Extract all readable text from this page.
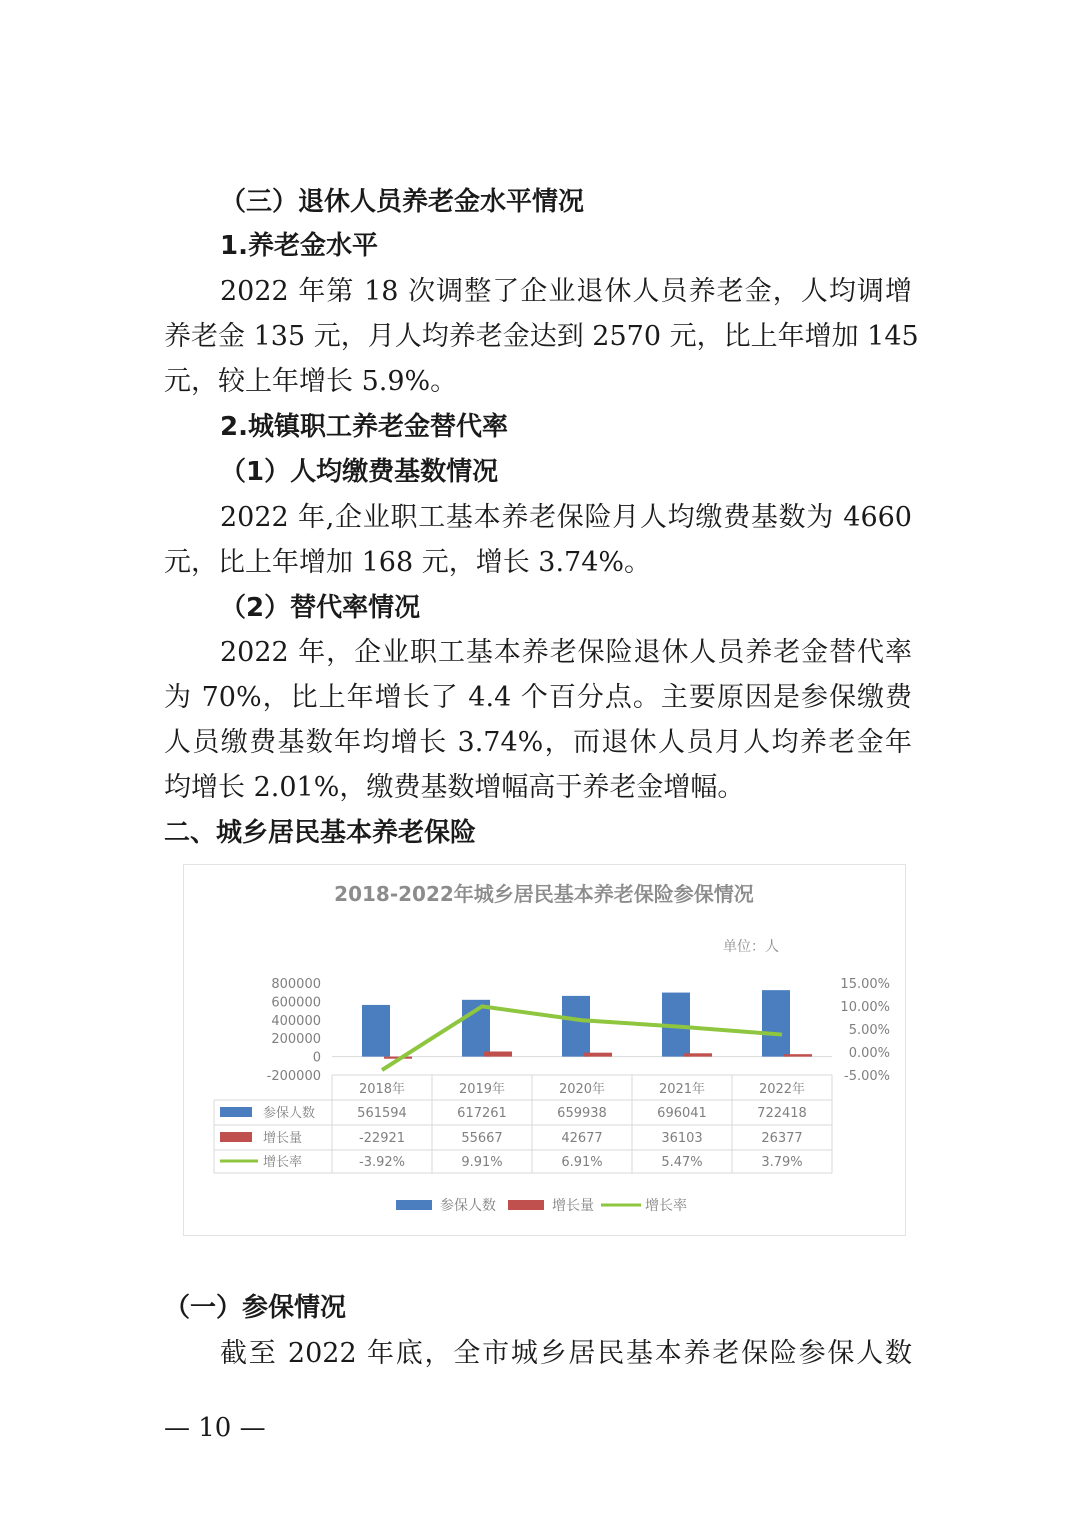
（三）退休人员养老金水平情况
1.养老金水平
2022 年第 18 次调整了企业退休人员养老金，人均调增
养老金 135 元，月人均养老金达到 2570 元，比上年增加 145
元，较上年增长 5.9%。
2.城镇职工养老金替代率
（1）人均缴费基数情况
2022 年,企业职工基本养老保险月人均缴费基数为 4660
元，比上年增加 168 元，增长 3.74%。
（2）替代率情况
2022 年，企业职工基本养老保险退休人员养老金替代率
为 70%，比上年增长了 4.4 个百分点。主要原因是参保缴费
人员缴费基数年均增长 3.74%，而退休人员月人均养老金年
均增长 2.01%，缴费基数增幅高于养老金增幅。
二、城乡居民基本养老保险
2018-2022年城乡居民基本养老保险参保情况
单位：人
800000
600000
400000
200000
0
-200000
15.00%
10.00%
5.00%
0.00%
-5.00%
2018年	2019年	2020年	2021年	2022年
参保人数	561594	617261	659938	696041	722418
增长量	-22921	55667	42677	36103	26377
增长率	-3.92%	9.91%	6.91%	5.47%	3.79%
参保人数	增长量	增长率
（一）参保情况
截至 2022 年底，全市城乡居民基本养老保险参保人数
— 10 —
